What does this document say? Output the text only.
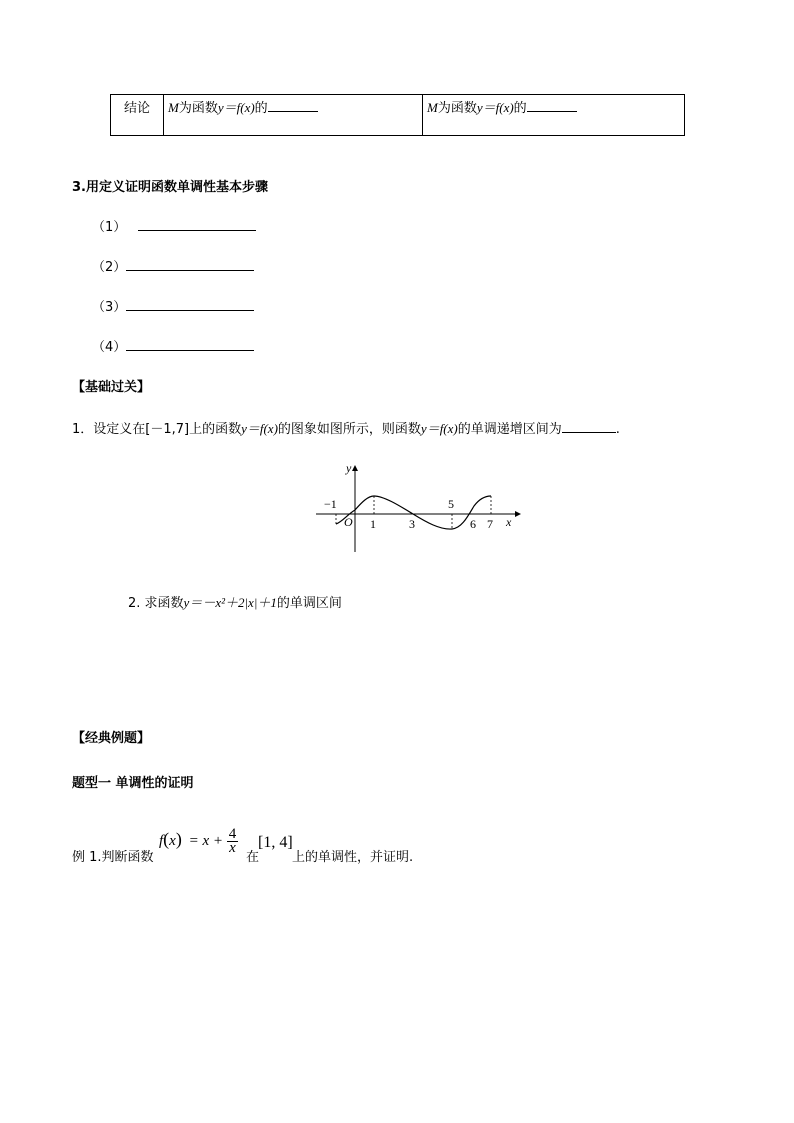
结论	M为函数y＝f(x)的	M为函数y＝f(x)的
3.用定义证明函数单调性基本步骤
（1）
（2）
（3）
（4）
【基础过关】
1．设定义在[－1,7]上的函数y＝f(x)的图象如图所示，则函数y＝f(x)的单调递增区间为	.
y
x
O
−1
1	3
5
6 7
2. 求函数y＝－x²＋2|x|＋1的单调区间
【经典例题】
题型一 单调性的证明
例 1.判断函数
$f(x) = x + \frac{4}{x}$
在
[1, 4]
上的单调性，并证明.
